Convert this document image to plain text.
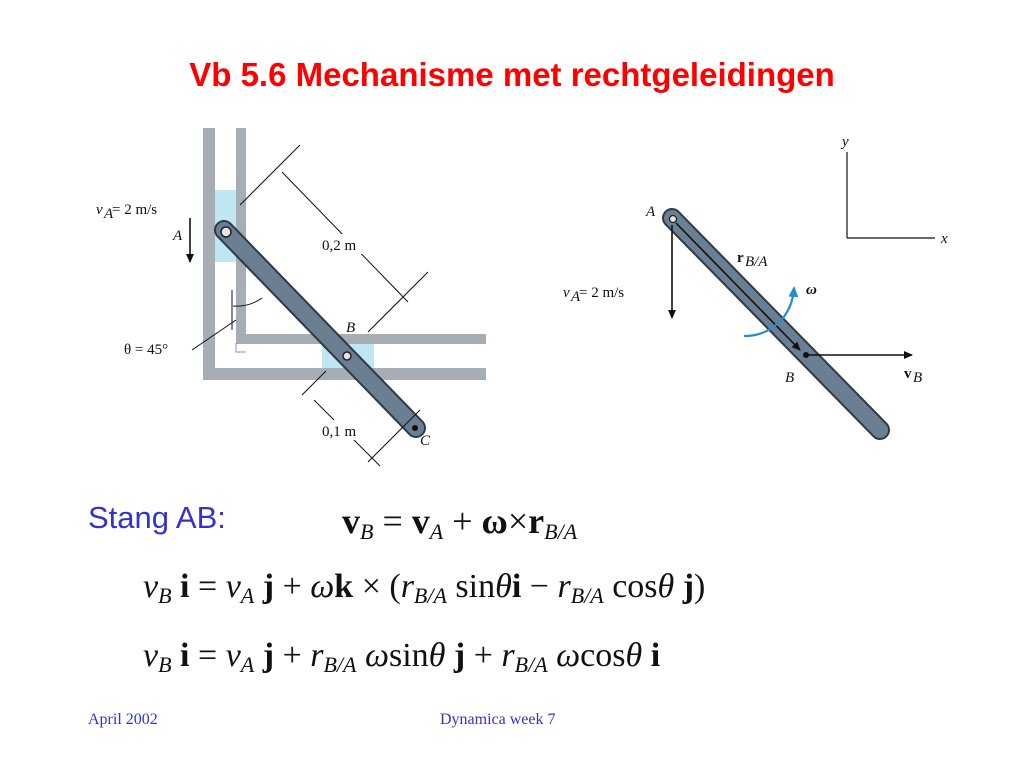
Vb 5.6 Mechanisme met rechtgeleidingen
v A
= 2 m/s
A
0,2 m
0,1 m
θ = 45°
B
C
y
x
r B/A
v A
= 2 m/s
A
ω
v B
B
Stang AB:	$v_B = v_A + \omega\times r_{B/A}$
$v_B$ $i = v_A$ $j + \omega k \times (r_{B/A}$ $\sin\theta i - r_{B/A}$ cosθ j)
$v_B$ $i = v_A$ $j + r_{B/A}$ ωsinθ $j + r_{B/A}$ ωcosθ i
April 2002	Dynamica week 7
